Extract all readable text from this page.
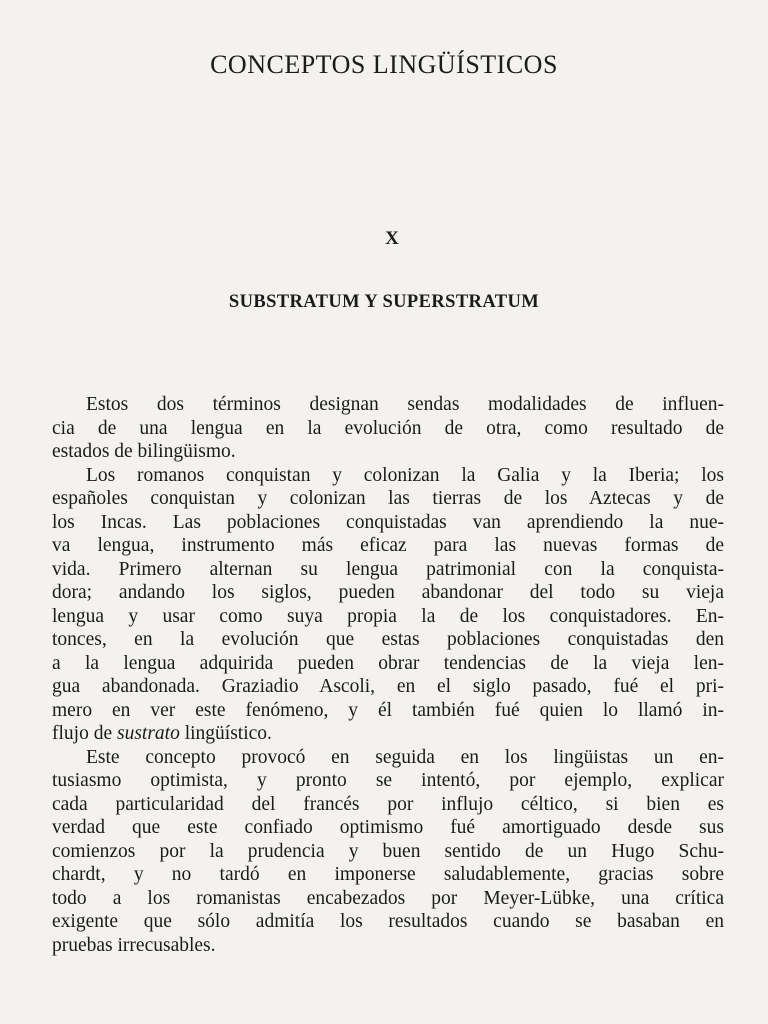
CONCEPTOS LINGÜÍSTICOS
X
SUBSTRATUM Y SUPERSTRATUM
Estos dos términos designan sendas modalidades de influen-
cia de una lengua en la evolución de otra, como resultado de
estados de bilingüismo.
Los romanos conquistan y colonizan la Galia y la Iberia; los
españoles conquistan y colonizan las tierras de los Aztecas y de
los Incas. Las poblaciones conquistadas van aprendiendo la nue-
va lengua, instrumento más eficaz para las nuevas formas de
vida. Primero alternan su lengua patrimonial con la conquista-
dora; andando los siglos, pueden abandonar del todo su vieja
lengua y usar como suya propia la de los conquistadores. En-
tonces, en la evolución que estas poblaciones conquistadas den
a la lengua adquirida pueden obrar tendencias de la vieja len-
gua abandonada. Graziadio Ascoli, en el siglo pasado, fué el pri-
mero en ver este fenómeno, y él también fué quien lo llamó in-
flujo de sustrato lingüístico.
Este concepto provocó en seguida en los lingüistas un en-
tusiasmo optimista, y pronto se intentó, por ejemplo, explicar
cada particularidad del francés por influjo céltico, si bien es
verdad que este confiado optimismo fué amortiguado desde sus
comienzos por la prudencia y buen sentido de un Hugo Schu-
chardt, y no tardó en imponerse saludablemente, gracias sobre
todo a los romanistas encabezados por Meyer-Lübke, una crítica
exigente que sólo admitía los resultados cuando se basaban en
pruebas irrecusables.
